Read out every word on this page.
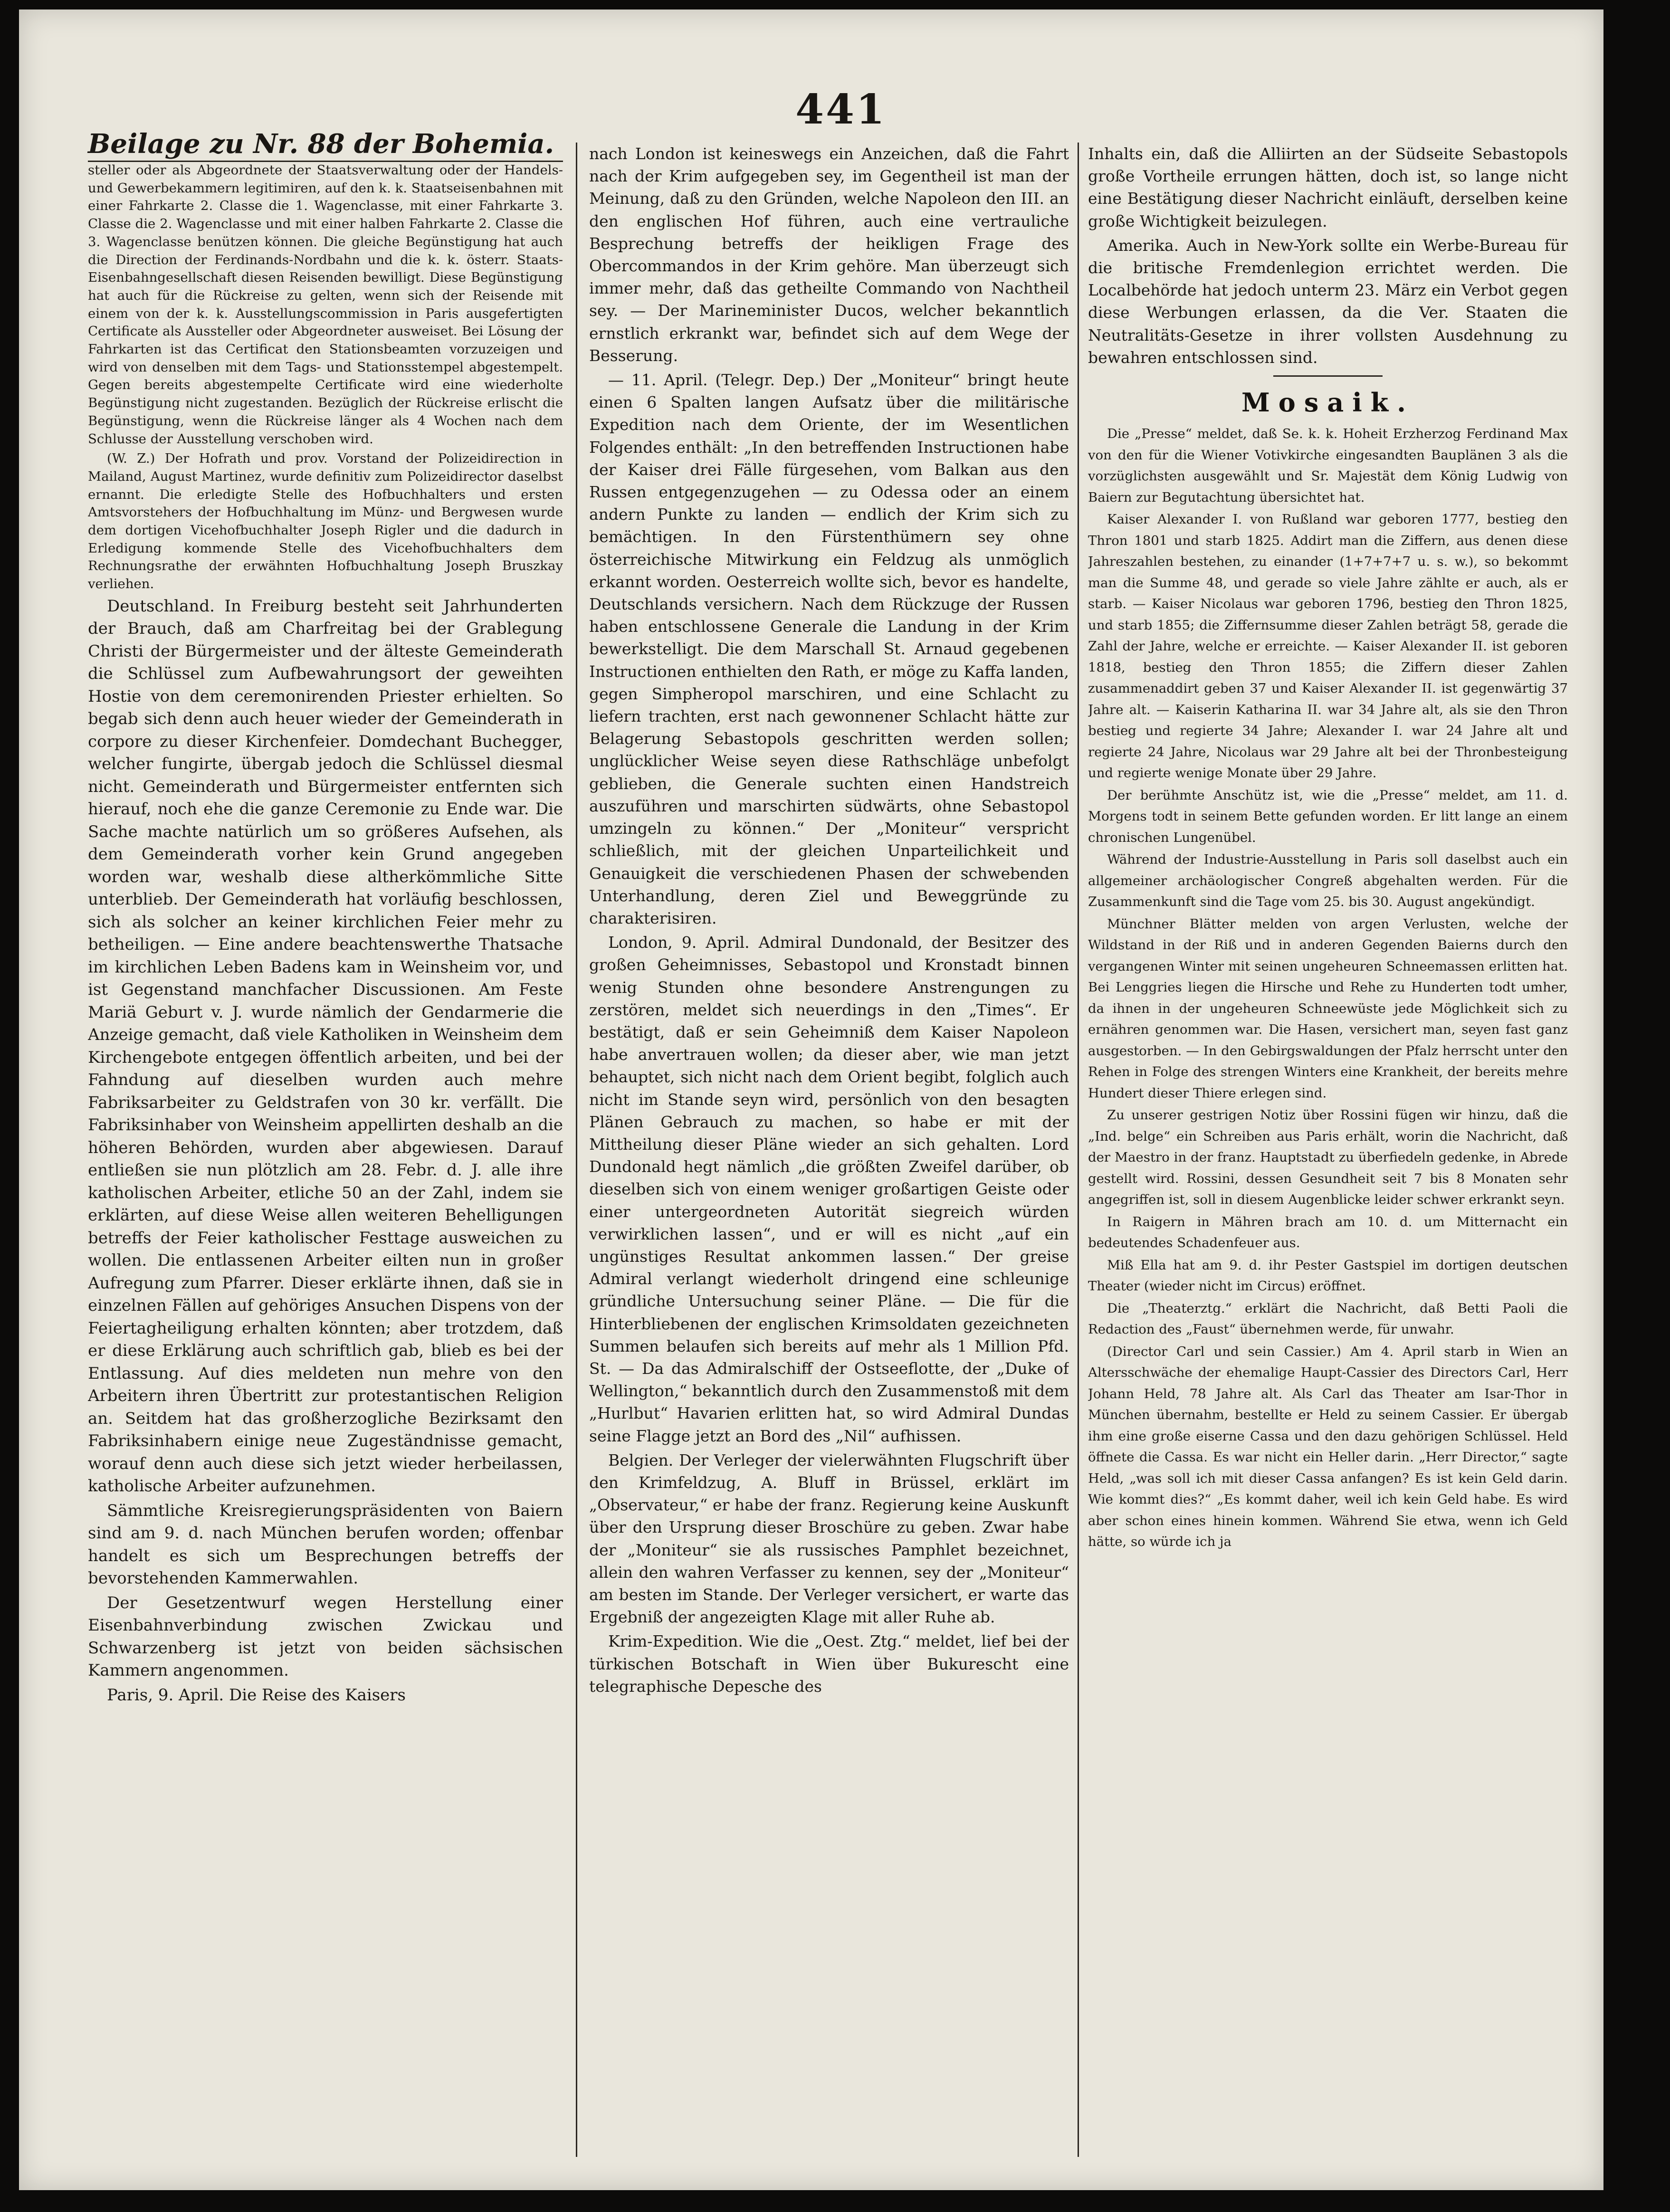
441
Beilage zu Nr. 88 der Bohemia.

steller oder als Abgeordnete der Staatsverwaltung oder der Handels- und Gewerbekammern legitimiren, auf den k. k. Staatseisenbahnen mit einer Fahrkarte 2. Classe die 1. Wagenclasse, mit einer Fahrkarte 3. Classe die 2. Wagenclasse und mit einer halben Fahrkarte 2. Classe die 3. Wagenclasse benützen können. Die gleiche Begünstigung hat auch die Direction der Ferdinands-Nordbahn und die k. k. österr. Staats-Eisenbahngesellschaft diesen Reisenden bewilligt. Diese Begünstigung hat auch für die Rückreise zu gelten, wenn sich der Reisende mit einem von der k. k. Ausstellungscommission in Paris ausgefertigten Certificate als Aussteller oder Abgeordneter ausweiset. Bei Lösung der Fahrkarten ist das Certificat den Stationsbeamten vorzuzeigen und wird von denselben mit dem Tags- und Stationsstempel abgestempelt. Gegen bereits abgestempelte Certificate wird eine wiederholte Begünstigung nicht zugestanden. Bezüglich der Rückreise erlischt die Begünstigung, wenn die Rückreise länger als 4 Wochen nach dem Schlusse der Ausstellung verschoben wird.

(W. Z.) Der Hofrath und prov. Vorstand der Polizeidirection in Mailand, August Martinez, wurde definitiv zum Polizeidirector daselbst ernannt. Die erledigte Stelle des Hofbuchhalters und ersten Amtsvorstehers der Hofbuchhaltung im Münz- und Bergwesen wurde dem dortigen Vicehofbuchhalter Joseph Rigler und die dadurch in Erledigung kommende Stelle des Vicehofbuchhalters dem Rechnungsrathe der erwähnten Hofbuchhaltung Joseph Bruszkay verliehen.

Deutschland. In Freiburg besteht seit Jahrhunderten der Brauch, daß am Charfreitag bei der Grablegung Christi der Bürgermeister und der älteste Gemeinderath die Schlüssel zum Aufbewahrungsort der geweihten Hostie von dem ceremonirenden Priester erhielten. So begab sich denn auch heuer wieder der Gemeinderath in corpore zu dieser Kirchenfeier. Domdechant Buchegger, welcher fungirte, übergab jedoch die Schlüssel diesmal nicht. Gemeinderath und Bürgermeister entfernten sich hierauf, noch ehe die ganze Ceremonie zu Ende war. Die Sache machte natürlich um so größeres Aufsehen, als dem Gemeinderath vorher kein Grund angegeben worden war, weshalb diese altherkömmliche Sitte unterblieb. Der Gemeinderath hat vorläufig beschlossen, sich als solcher an keiner kirchlichen Feier mehr zu betheiligen. — Eine andere beachtenswerthe Thatsache im kirchlichen Leben Badens kam in Weinsheim vor, und ist Gegenstand manchfacher Discussionen. Am Feste Mariä Geburt v. J. wurde nämlich der Gendarmerie die Anzeige gemacht, daß viele Katholiken in Weinsheim dem Kirchengebote entgegen öffentlich arbeiten, und bei der Fahndung auf dieselben wurden auch mehre Fabriksarbeiter zu Geldstrafen von 30 kr. verfällt. Die Fabriksinhaber von Weinsheim appellirten deshalb an die höheren Behörden, wurden aber abgewiesen. Darauf entließen sie nun plötzlich am 28. Febr. d. J. alle ihre katholischen Arbeiter, etliche 50 an der Zahl, indem sie erklärten, auf diese Weise allen weiteren Behelligungen betreffs der Feier katholischer Festtage ausweichen zu wollen. Die entlassenen Arbeiter eilten nun in großer Aufregung zum Pfarrer. Dieser erklärte ihnen, daß sie in einzelnen Fällen auf gehöriges Ansuchen Dispens von der Feiertagheiligung erhalten könnten; aber trotzdem, daß er diese Erklärung auch schriftlich gab, blieb es bei der Entlassung. Auf dies meldeten nun mehre von den Arbeitern ihren Übertritt zur protestantischen Religion an. Seitdem hat das großherzogliche Bezirksamt den Fabriksinhabern einige neue Zugeständnisse gemacht, worauf denn auch diese sich jetzt wieder herbeilassen, katholische Arbeiter aufzunehmen.

Sämmtliche Kreisregierungspräsidenten von Baiern sind am 9. d. nach München berufen worden; offenbar handelt es sich um Besprechungen betreffs der bevorstehenden Kammerwahlen.

Der Gesetzentwurf wegen Herstellung einer Eisenbahnverbindung zwischen Zwickau und Schwarzenberg ist jetzt von beiden sächsischen Kammern angenommen.

Paris, 9. April. Die Reise des Kaisers

nach London ist keineswegs ein Anzeichen, daß die Fahrt nach der Krim aufgegeben sey, im Gegentheil ist man der Meinung, daß zu den Gründen, welche Napoleon den III. an den englischen Hof führen, auch eine vertrauliche Besprechung betreffs der heikligen Frage des Obercommandos in der Krim gehöre. Man überzeugt sich immer mehr, daß das getheilte Commando von Nachtheil sey. — Der Marineminister Ducos, welcher bekanntlich ernstlich erkrankt war, befindet sich auf dem Wege der Besserung.

— 11. April. (Telegr. Dep.) Der „Moniteur“ bringt heute einen 6 Spalten langen Aufsatz über die militärische Expedition nach dem Oriente, der im Wesentlichen Folgendes enthält: „In den betreffenden Instructionen habe der Kaiser drei Fälle fürgesehen, vom Balkan aus den Russen entgegenzugehen — zu Odessa oder an einem andern Punkte zu landen — endlich der Krim sich zu bemächtigen. In den Fürstenthümern sey ohne österreichische Mitwirkung ein Feldzug als unmöglich erkannt worden. Oesterreich wollte sich, bevor es handelte, Deutschlands versichern. Nach dem Rückzuge der Russen haben entschlossene Generale die Landung in der Krim bewerkstelligt. Die dem Marschall St. Arnaud gegebenen Instructionen enthielten den Rath, er möge zu Kaffa landen, gegen Simpheropol marschiren, und eine Schlacht zu liefern trachten, erst nach gewonnener Schlacht hätte zur Belagerung Sebastopols geschritten werden sollen; unglücklicher Weise seyen diese Rathschläge unbefolgt geblieben, die Generale suchten einen Handstreich auszuführen und marschirten südwärts, ohne Sebastopol umzingeln zu können.“ Der „Moniteur“ verspricht schließlich, mit der gleichen Unparteilichkeit und Genauigkeit die verschiedenen Phasen der schwebenden Unterhandlung, deren Ziel und Beweggründe zu charakterisiren.

London, 9. April. Admiral Dundonald, der Besitzer des großen Geheimnisses, Sebastopol und Kronstadt binnen wenig Stunden ohne besondere Anstrengungen zu zerstören, meldet sich neuerdings in den „Times“. Er bestätigt, daß er sein Geheimniß dem Kaiser Napoleon habe anvertrauen wollen; da dieser aber, wie man jetzt behauptet, sich nicht nach dem Orient begibt, folglich auch nicht im Stande seyn wird, persönlich von den besagten Plänen Gebrauch zu machen, so habe er mit der Mittheilung dieser Pläne wieder an sich gehalten. Lord Dundonald hegt nämlich „die größten Zweifel darüber, ob dieselben sich von einem weniger großartigen Geiste oder einer untergeordneten Autorität siegreich würden verwirklichen lassen“, und er will es nicht „auf ein ungünstiges Resultat ankommen lassen.“ Der greise Admiral verlangt wiederholt dringend eine schleunige gründliche Untersuchung seiner Pläne. — Die für die Hinterbliebenen der englischen Krimsoldaten gezeichneten Summen belaufen sich bereits auf mehr als 1 Million Pfd. St. — Da das Admiralschiff der Ostseeflotte, der „Duke of Wellington,“ bekanntlich durch den Zusammenstoß mit dem „Hurlbut“ Havarien erlitten hat, so wird Admiral Dundas seine Flagge jetzt an Bord des „Nil“ aufhissen.

Belgien. Der Verleger der vielerwähnten Flugschrift über den Krimfeldzug, A. Bluff in Brüssel, erklärt im „Observateur,“ er habe der franz. Regierung keine Auskunft über den Ursprung dieser Broschüre zu geben. Zwar habe der „Moniteur“ sie als russisches Pamphlet bezeichnet, allein den wahren Verfasser zu kennen, sey der „Moniteur“ am besten im Stande. Der Verleger versichert, er warte das Ergebniß der angezeigten Klage mit aller Ruhe ab.

Krim-Expedition. Wie die „Oest. Ztg.“ meldet, lief bei der türkischen Botschaft in Wien über Bukurescht eine telegraphische Depesche des

Inhalts ein, daß die Alliirten an der Südseite Sebastopols große Vortheile errungen hätten, doch ist, so lange nicht eine Bestätigung dieser Nachricht einläuft, derselben keine große Wichtigkeit beizulegen.

Amerika. Auch in New-York sollte ein Werbe-Bureau für die britische Fremdenlegion errichtet werden. Die Localbehörde hat jedoch unterm 23. März ein Verbot gegen diese Werbungen erlassen, da die Ver. Staaten die Neutralitäts-Gesetze in ihrer vollsten Ausdehnung zu bewahren entschlossen sind.

Mosaik.

Die „Presse“ meldet, daß Se. k. k. Hoheit Erzherzog Ferdinand Max von den für die Wiener Votivkirche eingesandten Bauplänen 3 als die vorzüglichsten ausgewählt und Sr. Majestät dem König Ludwig von Baiern zur Begutachtung übersichtet hat.

Kaiser Alexander I. von Rußland war geboren 1777, bestieg den Thron 1801 und starb 1825. Addirt man die Ziffern, aus denen diese Jahreszahlen bestehen, zu einander (1+7+7+7 u. s. w.), so bekommt man die Summe 48, und gerade so viele Jahre zählte er auch, als er starb. — Kaiser Nicolaus war geboren 1796, bestieg den Thron 1825, und starb 1855; die Ziffernsumme dieser Zahlen beträgt 58, gerade die Zahl der Jahre, welche er erreichte. — Kaiser Alexander II. ist geboren 1818, bestieg den Thron 1855; die Ziffern dieser Zahlen zusammenaddirt geben 37 und Kaiser Alexander II. ist gegenwärtig 37 Jahre alt. — Kaiserin Katharina II. war 34 Jahre alt, als sie den Thron bestieg und regierte 34 Jahre; Alexander I. war 24 Jahre alt und regierte 24 Jahre, Nicolaus war 29 Jahre alt bei der Thronbesteigung und regierte wenige Monate über 29 Jahre.

Der berühmte Anschütz ist, wie die „Presse“ meldet, am 11. d. Morgens todt in seinem Bette gefunden worden. Er litt lange an einem chronischen Lungenübel.

Während der Industrie-Ausstellung in Paris soll daselbst auch ein allgemeiner archäologischer Congreß abgehalten werden. Für die Zusammenkunft sind die Tage vom 25. bis 30. August angekündigt.

Münchner Blätter melden von argen Verlusten, welche der Wildstand in der Riß und in anderen Gegenden Baierns durch den vergangenen Winter mit seinen ungeheuren Schneemassen erlitten hat. Bei Lenggries liegen die Hirsche und Rehe zu Hunderten todt umher, da ihnen in der ungeheuren Schneewüste jede Möglichkeit sich zu ernähren genommen war. Die Hasen, versichert man, seyen fast ganz ausgestorben. — In den Gebirgswaldungen der Pfalz herrscht unter den Rehen in Folge des strengen Winters eine Krankheit, der bereits mehre Hundert dieser Thiere erlegen sind.

Zu unserer gestrigen Notiz über Rossini fügen wir hinzu, daß die „Ind. belge“ ein Schreiben aus Paris erhält, worin die Nachricht, daß der Maestro in der franz. Hauptstadt zu überfiedeln gedenke, in Abrede gestellt wird. Rossini, dessen Gesundheit seit 7 bis 8 Monaten sehr angegriffen ist, soll in diesem Augenblicke leider schwer erkrankt seyn.

In Raigern in Mähren brach am 10. d. um Mitternacht ein bedeutendes Schadenfeuer aus.

Miß Ella hat am 9. d. ihr Pester Gastspiel im dortigen deutschen Theater (wieder nicht im Circus) eröffnet.

Die „Theaterztg.“ erklärt die Nachricht, daß Betti Paoli die Redaction des „Faust“ übernehmen werde, für unwahr.

(Director Carl und sein Cassier.) Am 4. April starb in Wien an Altersschwäche der ehemalige Haupt-Cassier des Directors Carl, Herr Johann Held, 78 Jahre alt. Als Carl das Theater am Isar-Thor in München übernahm, bestellte er Held zu seinem Cassier. Er übergab ihm eine große eiserne Cassa und den dazu gehörigen Schlüssel. Held öffnete die Cassa. Es war nicht ein Heller darin. „Herr Director,“ sagte Held, „was soll ich mit dieser Cassa anfangen? Es ist kein Geld darin. Wie kommt dies?“ „Es kommt daher, weil ich kein Geld habe. Es wird aber schon eines hinein kommen. Während Sie etwa, wenn ich Geld hätte, so würde ich ja
